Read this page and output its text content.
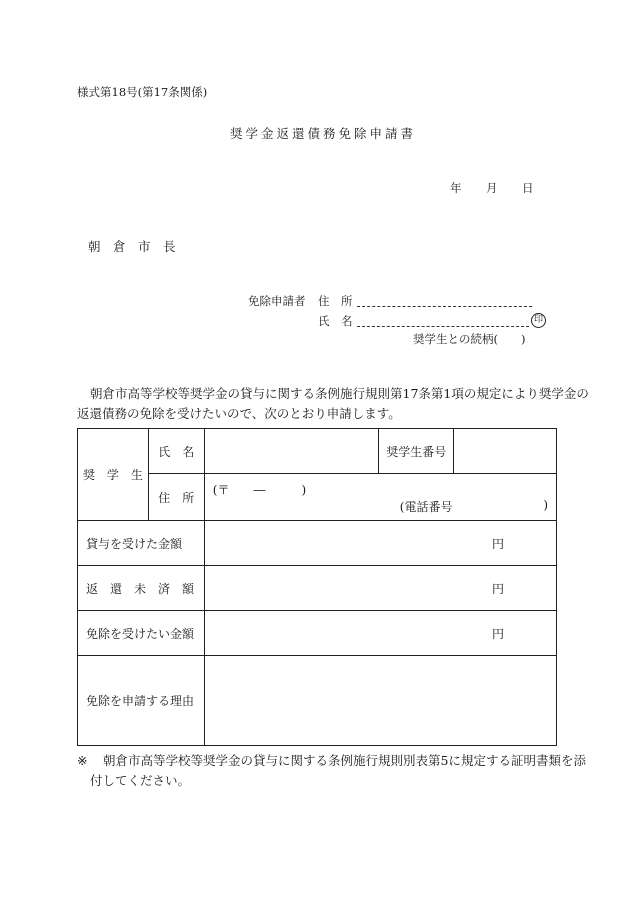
様式第18号(第17条関係)
奨学金返還債務免除申請書
年 月 日
朝　倉　市　長
免除申請者 住　所
氏　名	印
奨学生との続柄(　　)
朝倉市高等学校等奨学金の貸与に関する条例施行規則第17条第1項の規定により奨学金の
返還債務の免除を受けたいので、次のとおり申請します。
奨　学　生	氏　名		奨学生番号	
	住　所	(〒　　―　　　)
(電話番号 )		

貸与を受けた金額		円		
返　還　未　済　額		円		
免除を受けたい金額		円		
免除を申請する理由				
※ 朝倉市高等学校等奨学金の貸与に関する条例施行規則別表第5に規定する証明書類を添
付してください。
